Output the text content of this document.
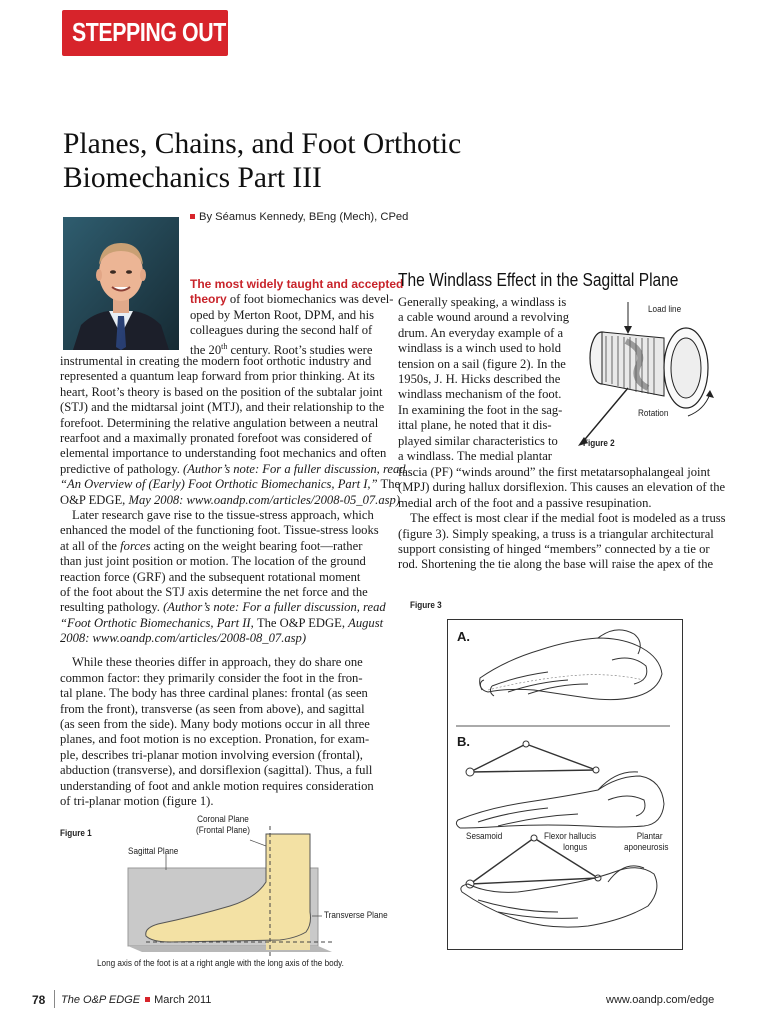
STEPPING OUT
Planes, Chains, and Foot Orthotic
Biomechanics Part III
By Séamus Kennedy, BEng (Mech), CPed
The most widely taught and accepted
theory of foot biomechanics was devel-
oped by Merton Root, DPM, and his
colleagues during the second half of
the 20th century. Root’s studies were
instrumental in creating the modern foot orthotic industry and
represented a quantum leap forward from prior thinking. At its
heart, Root’s theory is based on the position of the subtalar joint
(STJ) and the midtarsal joint (MTJ), and their relationship to the
forefoot. Determining the relative angulation between a neutral
rearfoot and a maximally pronated forefoot was considered of
elemental importance to understanding foot mechanics and often
predictive of pathology. (Author’s note: For a fuller discussion, read
“An Overview of (Early) Foot Orthotic Biomechanics, Part I,” The
O&P EDGE, May 2008: www.oandp.com/articles/2008-05_07.asp)
Later research gave rise to the tissue-stress approach, which
enhanced the model of the functioning foot. Tissue-stress looks
at all of the forces acting on the weight bearing foot—rather
than just joint position or motion. The location of the ground
reaction force (GRF) and the subsequent rotational moment
of the foot about the STJ axis determine the net force and the
resulting pathology. (Author’s note: For a fuller discussion, read
“Foot Orthotic Biomechanics, Part II, The O&P EDGE, August
2008: www.oandp.com/articles/2008-08_07.asp)
While these theories differ in approach, they do share one
common factor: they primarily consider the foot in the fron-
tal plane. The body has three cardinal planes: frontal (as seen
from the front), transverse (as seen from above), and sagittal
(as seen from the side). Many body motions occur in all three
planes, and foot motion is no exception. Pronation, for exam-
ple, describes tri-planar motion involving eversion (frontal),
abduction (transverse), and dorsiflexion (sagittal). Thus, a full
understanding of foot and ankle motion requires consideration
of tri-planar motion (figure 1).
The Windlass Effect in the Sagittal Plane
Generally speaking, a windlass is
a cable wound around a revolving
drum. An everyday example of a
windlass is a winch used to hold
tension on a sail (figure 2). In the
1950s, J. H. Hicks described the
windlass mechanism of the foot.
In examining the foot in the sag-
ittal plane, he noted that it dis-
played similar characteristics to
a windlass. The medial plantar
Load line
Rotation
Figure 2
fascia (PF) “winds around” the first metatarsophalangeal joint
(MPJ) during hallux dorsiflexion. This causes an elevation of the
medial arch of the foot and a passive resupination.
The effect is most clear if the medial foot is modeled as a truss
(figure 3). Simply speaking, a truss is a triangular architectural
support consisting of hinged “members” connected by a tie or
rod. Shortening the tie along the base will raise the apex of the
Figure 3
A.
B.
Sesamoid	Flexor hallucis
longus
Plantar
aponeurosis
Figure 1
Coronal Plane
(Frontal Plane)
Sagittal Plane
Transverse Plane
Long axis of the foot is at a right angle with the long axis of the body.
78 The O&P EDGE March 2011	www.oandp.com/edge
